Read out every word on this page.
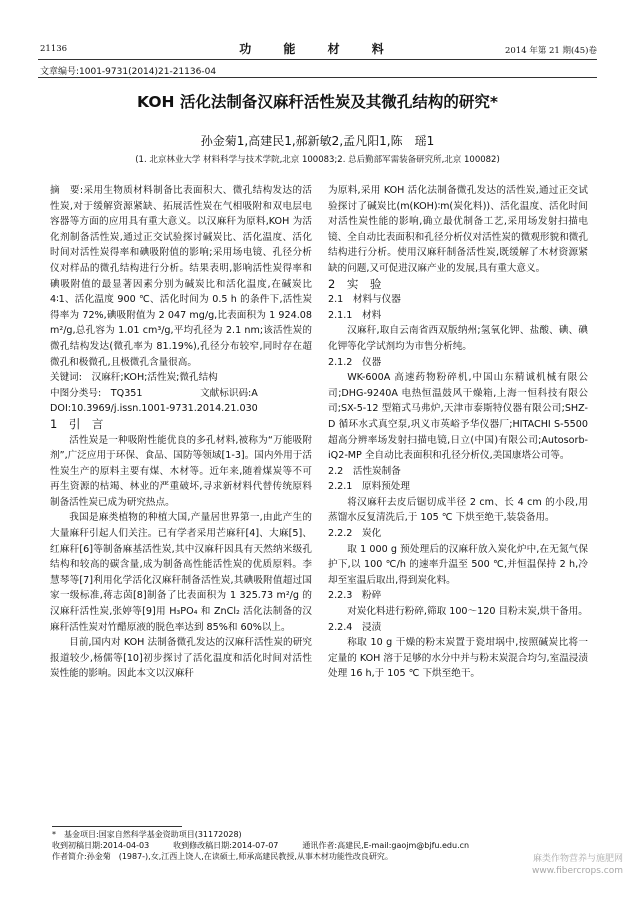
21136	功 能 材 料	2014 年第 21 期(45)卷
文章编号:1001-9731(2014)21-21136-04
KOH 活化法制备汉麻秆活性炭及其微孔结构的研究*
孙金菊1,高建民1,郝新敏2,孟凡阳1,陈　瑶1
(1. 北京林业大学 材料科学与技术学院,北京 100083;2. 总后勤部军需装备研究所,北京 100082)

摘　要:采用生物质材料制备比表面积大、微孔结构发达的活性炭,对于缓解资源紧缺、拓展活性炭在气相吸附和双电层电容器等方面的应用具有重大意义。以汉麻秆为原料,KOH 为活化剂制备活性炭,通过正交试验探讨碱炭比、活化温度、活化时间对活性炭得率和碘吸附值的影响;采用场电镜、孔径分析仪对样品的微孔结构进行分析。结果表明,影响活性炭得率和碘吸附值的最显著因素分别为碱炭比和活化温度,在碱炭比 4∶1、活化温度 900 ℃、活化时间为 0.5 h 的条件下,活性炭得率为 72%,碘吸附值为 2 047 mg/g,比表面积为 1 924.08 m²/g,总孔容为 1.01 cm³/g,平均孔径为 2.1 nm;该活性炭的微孔结构发达(微孔率为 81.19%),孔径分布较窄,同时存在超微孔和极微孔,且极微孔含量很高。

关键词:　汉麻秆;KOH;活性炭;微孔结构

中图分类号:　TQ351　　　　　　文献标识码:A

DOI:10.3969/j.issn.1001-9731.2014.21.030

1　引　言

活性炭是一种吸附性能优良的多孔材料,被称为“万能吸附剂”,广泛应用于环保、食品、国防等领域[1-3]。国内外用于活性炭生产的原料主要有煤、木材等。近年来,随着煤炭等不可再生资源的枯竭、林业的严重破坏,寻求新材料代替传统原料制备活性炭已成为研究热点。

我国是麻类植物的种植大国,产量居世界第一,由此产生的大量麻秆引起人们关注。已有学者采用芒麻秆[4]、大麻[5]、红麻秆[6]等制备麻基活性炭,其中汉麻秆因具有天然纳米级孔结构和较高的碳含量,成为制备高性能活性炭的优质原料。李慧琴等[7]利用化学活化汉麻秆制备活性炭,其碘吸附值超过国家一级标准,蒋志茵[8]制备了比表面积为 1 325.73 m²/g 的汉麻秆活性炭,张婷等[9]用 H₃PO₄ 和 ZnCl₂ 活化法制备的汉麻秆活性炭对竹醋原液的脱色率达到 85%和 60%以上。

目前,国内对 KOH 法制备微孔发达的汉麻秆活性炭的研究报道较少,杨儒等[10]初步探讨了活化温度和活化时间对活性炭性能的影响。因此本文以汉麻秆

为原料,采用 KOH 活化法制备微孔发达的活性炭,通过正交试验探讨了碱炭比(m(KOH)∶m(炭化料))、活化温度、活化时间对活性炭性能的影响,确立最优制备工艺,采用场发射扫描电镜、全自动比表面积和孔径分析仪对活性炭的微观形貌和微孔结构进行分析。使用汉麻秆制备活性炭,既缓解了木材资源紧缺的问题,又可促进汉麻产业的发展,具有重大意义。

2　实　验

2.1　材料与仪器

2.1.1　材料

汉麻秆,取自云南省西双版纳州;氢氧化钾、盐酸、碘、碘化钾等化学试剂均为市售分析纯。

2.1.2　仪器

WK-600A 高速药物粉碎机,中国山东精诚机械有限公司;DHG-9240A 电热恒温鼓风干燥箱,上海一恒科技有限公司;SX-5-12 型箱式马弗炉,天津市泰斯特仪器有限公司;SHZ-D 循环水式真空泵,巩义市英峪予华仪器厂;HITACHI S-5500 超高分辨率场发射扫描电镜,日立(中国)有限公司;Autosorb-iQ2-MP 全自动比表面积和孔径分析仪,美国康塔公司等。

2.2　活性炭制备

2.2.1　原料预处理

将汉麻秆去皮后锯切成半径 2 cm、长 4 cm 的小段,用蒸馏水反复清洗后,于 105 ℃ 下烘至绝干,装袋备用。

2.2.2　炭化

取 1 000 g 预处理后的汉麻秆放入炭化炉中,在无氮气保护下,以 100 ℃/h 的速率升温至 500 ℃,并恒温保持 2 h,冷却至室温后取出,得到炭化料。

2.2.3　粉碎

对炭化料进行粉碎,筛取 100～120 目粉末炭,烘干备用。

2.2.4　浸渍

称取 10 g 干燥的粉末炭置于瓷坩埚中,按照碱炭比将一定量的 KOH 溶于足够的水分中并与粉末炭混合均匀,室温浸渍处理 16 h,于 105 ℃ 下烘至绝干。

*　基金项目:国家自然科学基金资助项目(31172028)

收到初稿日期:2014-04-03　　　收到修改稿日期:2014-07-07　　　通讯作者:高建民,E-mail:gaojm@bjfu.edu.cn

作者简介:孙金菊　(1987-),女,江西上饶人,在读硕士,师承高建民教授,从事木材功能性改良研究。	麻类作物营养与施肥网
www.fibercrops.com
